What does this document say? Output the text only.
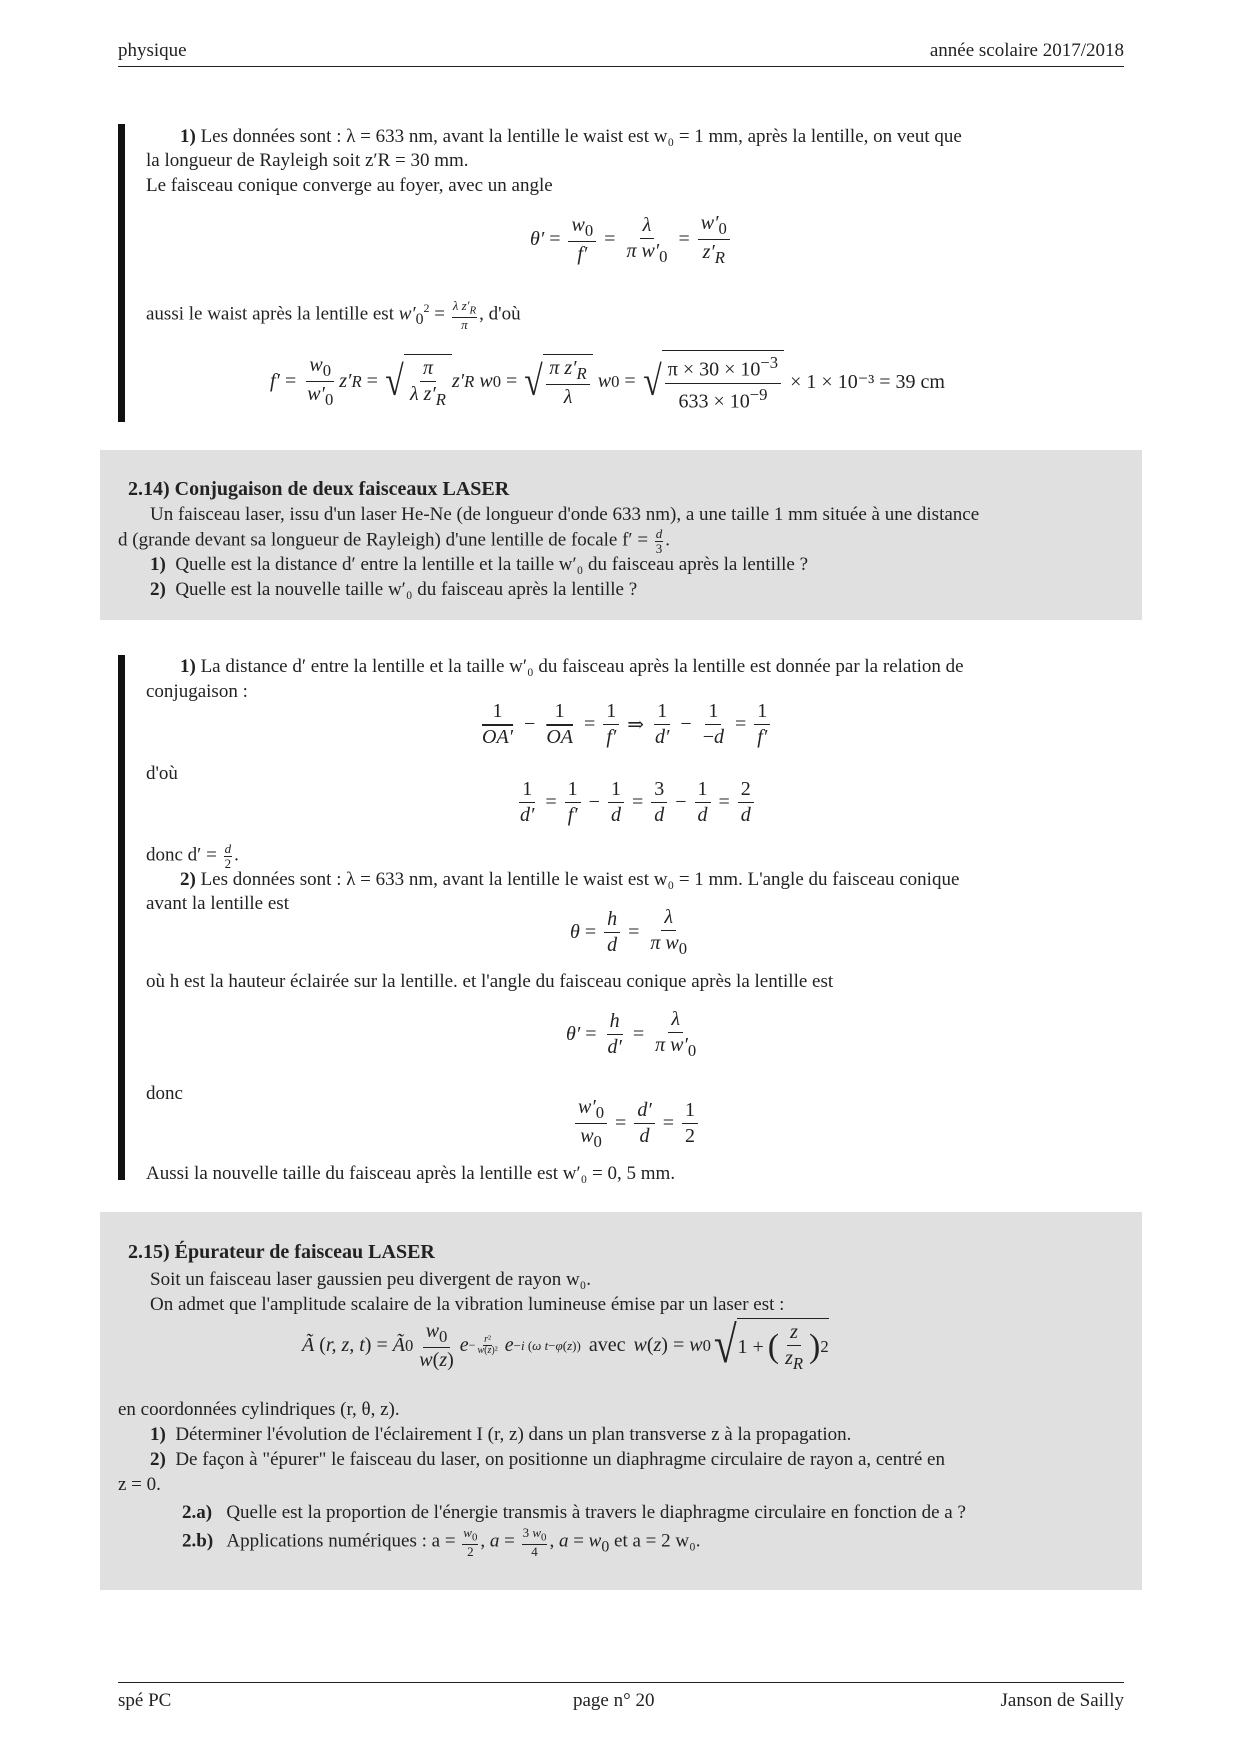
physique	année scolaire 2017/2018
1) Les données sont : λ = 633 nm, avant la lentille le waist est w₀ = 1 mm, après la lentille, on veut que
la longueur de Rayleigh soit z′R = 30 mm.
Le faisceau conique converge au foyer, avec un angle
$\theta' = \frac{w_0}{f'} = \frac{\lambda}{\pi w'_0} = \frac{w'_0}{z'_R}$
aussi le waist après la lentille est $w'_0^2 = \frac{\lambda z'_R}{\pi}$ , d'où
$f' = \frac{w_0}{w'_0} z'$ R = √ $\frac{\pi}{\lambda z'_R} z'$ R
w 0 = √ $\frac{\pi z'_R}{\lambda}$
w 0 = √ $\frac{\pi \times 30 \times 10^{-3}}{633 \times 10^{-9}} \times 1 \times 10^{-3} = 39$ cm
2.14) Conjugaison de deux faisceaux LASER
Un faisceau laser, issu d'un laser He-Ne (de longueur d'onde 633 nm), a une taille 1 mm située à une distance
d (grande devant sa longueur de Rayleigh) d'une lentille de focale $f' = \frac{d}{3}$ .
1) Quelle est la distance d′ entre la lentille et la taille w′₀ du faisceau après la lentille ?
2) Quelle est la nouvelle taille w′₀ du faisceau après la lentille ?
1) La distance d′ entre la lentille et la taille w′₀ du faisceau après la lentille est donnée par la relation de
conjugaison :
$\frac{1}{OA'} - \frac{1}{OA} = \frac{1}{f'}$ ⇒ $\frac{1}{d'} - \frac{1}{-d} = \frac{1}{f'}$
d'où
$\frac{1}{d'} = \frac{1}{f'} - \frac{1}{d} = \frac{3}{d} - \frac{1}{d} = \frac{2}{d}$
donc $d' = \frac{d}{2}$ .
2) Les données sont : λ = 633 nm, avant la lentille le waist est w₀ = 1 mm. L'angle du faisceau conique
avant la lentille est
$\theta = \frac{h}{d} = \frac{\lambda}{\pi w_0}$
où h est la hauteur éclairée sur la lentille. et l'angle du faisceau conique après la lentille est
$\theta' = \frac{h}{d'} = \frac{\lambda}{\pi w'_0}$
donc
$\frac{w'_0}{w_0} = \frac{d'}{d} = \frac{1}{2}$
Aussi la nouvelle taille du faisceau après la lentille est w′₀ = 0, 5 mm.
2.15) Épurateur de faisceau LASER
Soit un faisceau laser gaussien peu divergent de rayon w₀.
On admet que l'amplitude scalaire de la vibration lumineuse émise par un laser est :
Ã ( r, z, t ) = Ã $0 \frac{w_0}{w(z)}$ $e - \frac{\text{r²}}{\text{w(z)²}}$
e −i (ω t−φ(z)) avec w ( z ) = w 0 √ 1 + ( $\frac{z}{z_R}$ ) 2
en coordonnées cylindriques (r, θ, z).
1) Déterminer l'évolution de l'éclairement I (r, z) dans un plan transverse z à la propagation.
2) De façon à "épurer" le faisceau du laser, on positionne un diaphragme circulaire de rayon a, centré en
z = 0.
2.a) Quelle est la proportion de l'énergie transmis à travers le diaphragme circulaire en fonction de a ?
2.b) Applications numériques : $a = \frac{w_0}{2}$ , $a = \frac{3 w_0}{4}$ , $a = w_0$ et a = 2 w₀.
spé PC	page n° 20	Janson de Sailly
